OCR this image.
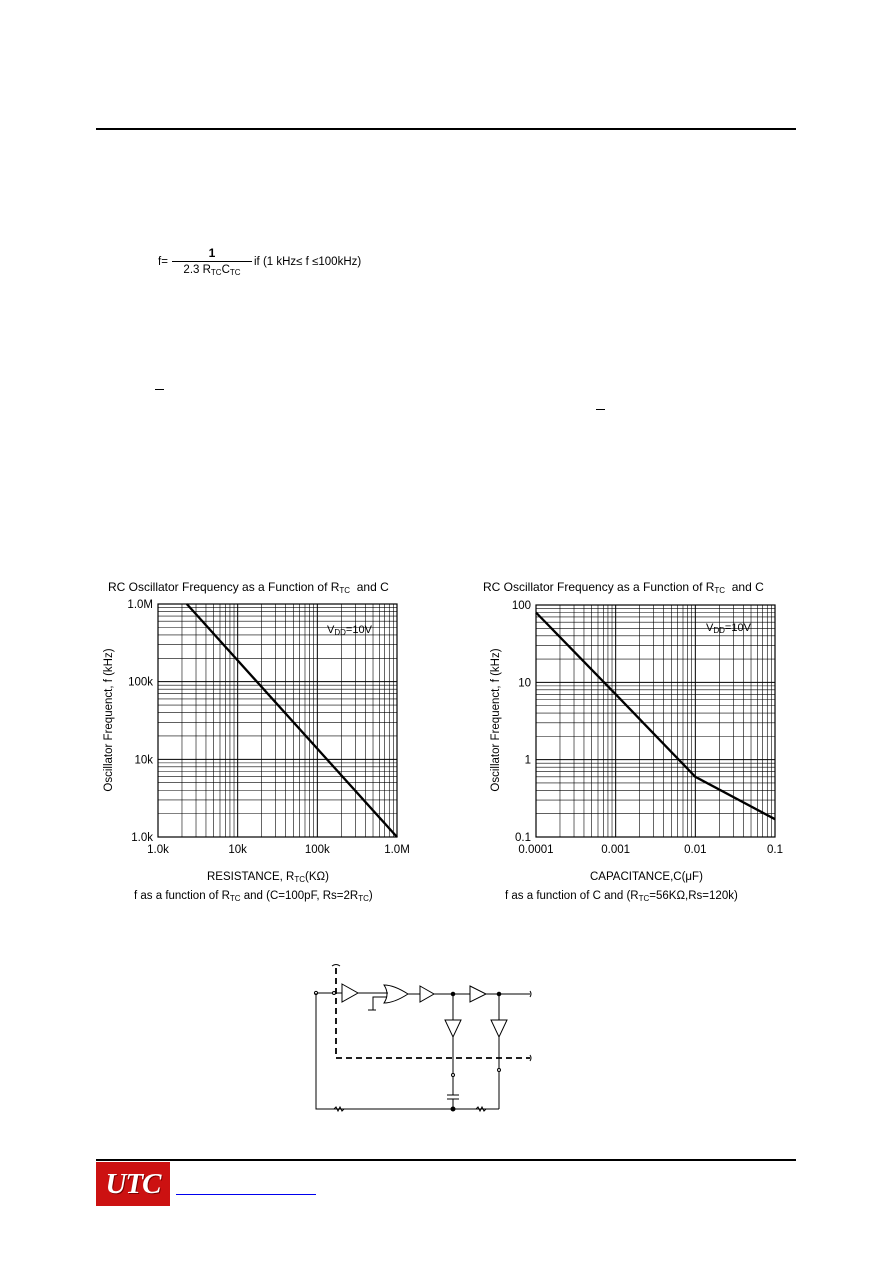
f=
1
2.3 $R_{TC}C_{TC}$
if (1 kHz≤ f ≤100kHz)
RC Oscillator Frequency as a Function of $R_{TC}$  and C	RC Oscillator Frequency as a Function of $R_{TC}$  and C
RESISTANCE, $R_{TC}(K\Omega)$	CAPACITANCE,C(μF)
f as a function of $R_{TC}$ and (C=100pF, $Rs=2R_{TC}$)	f as a function of C and $(R_{TC}=56K\Omega,Rs=120k)$
1.0k	10k	100k	1.0M
1.0M
100k
10k
1.0k
0.0001	0.001	0.01	0.1
100
10
1
0.1
VDD=10V	VDD=10V
Oscillator Frequenct, f (kHz)	Oscillator Frequenct, f (kHz)
UTC
